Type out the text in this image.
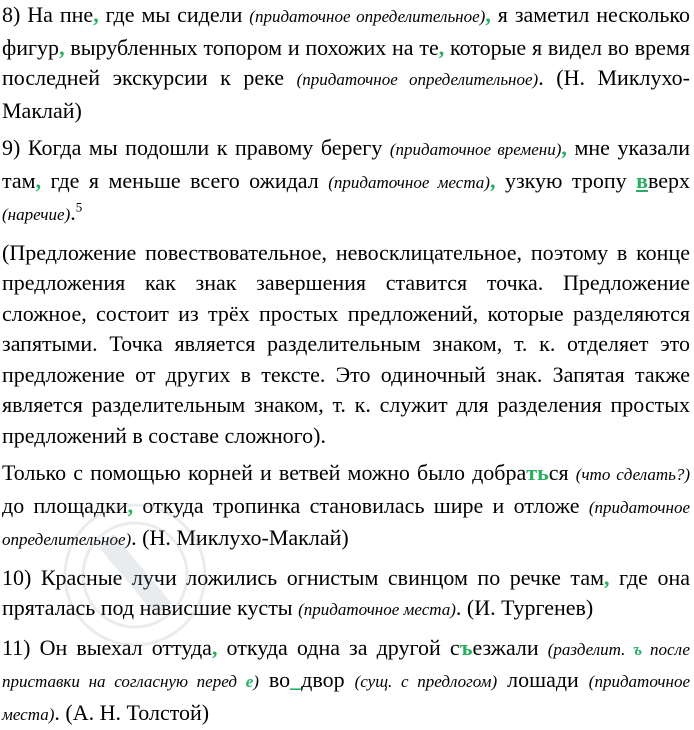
8) На пне, где мы сидели (придаточное определительное), я заметил несколько фигур, вырубленных топором и похожих на те, которые я видел во время последней экскурсии к реке (придаточное определительное). (Н. Миклухо-Маклай)

9) Когда мы подошли к правому берегу (придаточное времени), мне указали там, где я меньше всего ожидал (придаточное места), узкую тропу вверх (наречие).$^5$

(Предложение повествовательное, невосклицательное, поэтому в конце предложения как знак завершения ставится точка. Предложение сложное, состоит из трёх простых предложений, которые разделяются запятыми. Точка является разделительным знаком, т. к. отделяет это предложение от других в тексте. Это одиночный знак. Запятая также является разделительным знаком, т. к. служит для разделения простых предложений в составе сложного).

Только с помощью корней и ветвей можно было добраться (что сделать?) до площадки, откуда тропинка становилась шире и отложе (придаточное определительное). (Н. Миклухо-Маклай)

10) Красные лучи ложились огнистым свинцом по речке там, где она пряталась под нависшие кусты (придаточное места). (И. Тургенев)

11) Он выехал оттуда, откуда одна за другой съезжали (разделит. ъ после приставки на согласную перед е) во_двор (сущ. с предлогом) лошади (придаточное места). (А. Н. Толстой)
